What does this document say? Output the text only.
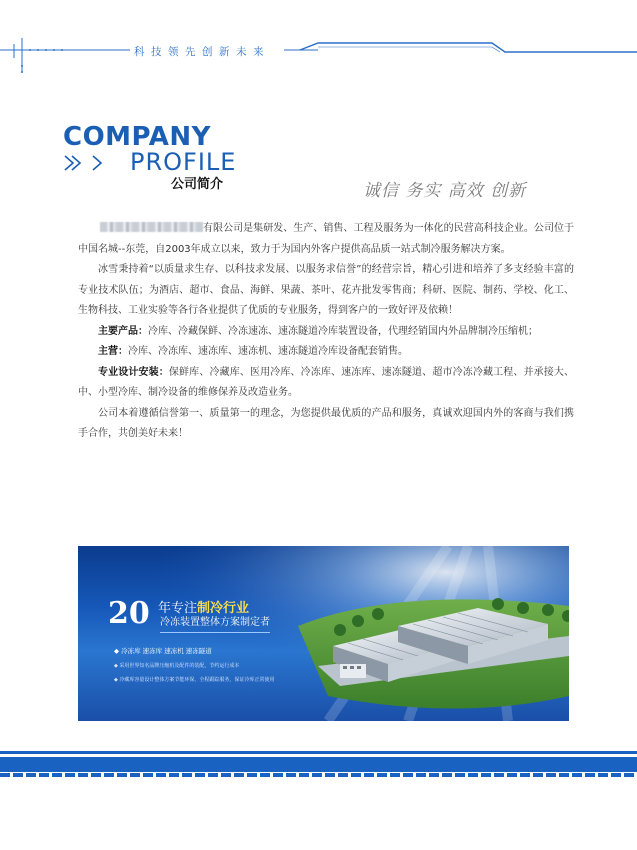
科技领先创新未来
COMPANY
PROFILE
公司简介	诚信 务实 高效 创新

有限公司是集研发、生产、销售、工程及服务为一体化的民营高科技企业。公司位于中国名城--东莞，自2003年成立以来，致力于为国内外客户提供高品质一站式制冷服务解决方案。

冰雪秉持着“以质量求生存、以科技求发展、以服务求信誉”的经营宗旨，精心引进和培养了多支经验丰富的专业技术队伍；为酒店、超市、食品、海鲜、果蔬、茶叶、花卉批发零售商；科研、医院、制药、学校、化工、生物科技、工业实验等各行各业提供了优质的专业服务，得到客户的一致好评及依赖！

主要产品：冷库、冷藏保鲜、冷冻速冻、速冻隧道冷库装置设备，代理经销国内外品牌制冷压缩机；

主营：冷库、冷冻库、速冻库、速冻机、速冻隧道冷库设备配套销售。

专业设计安装：保鲜库、冷藏库、医用冷库、冷冻库、速冻库、速冻隧道、超市冷冻冷藏工程、并承接大、中、小型冷库、制冷设备的维修保养及改造业务。

公司本着遵循信誉第一、质量第一的理念，为您提供最优质的产品和服务，真诚欢迎国内外的客商与我们携手合作，共创美好未来！

20 年专注制冷行业
冷冻装置整体方案制定者
◆ 冷冻库 速冻库 速冻机 速冻隧道
◆ 采用世界知名品牌压缩机及配件的装配，节约运行成本
◆ 冷藏库容量设计整体方案节能环保，全程跟踪服务，保证冷库正常使用
